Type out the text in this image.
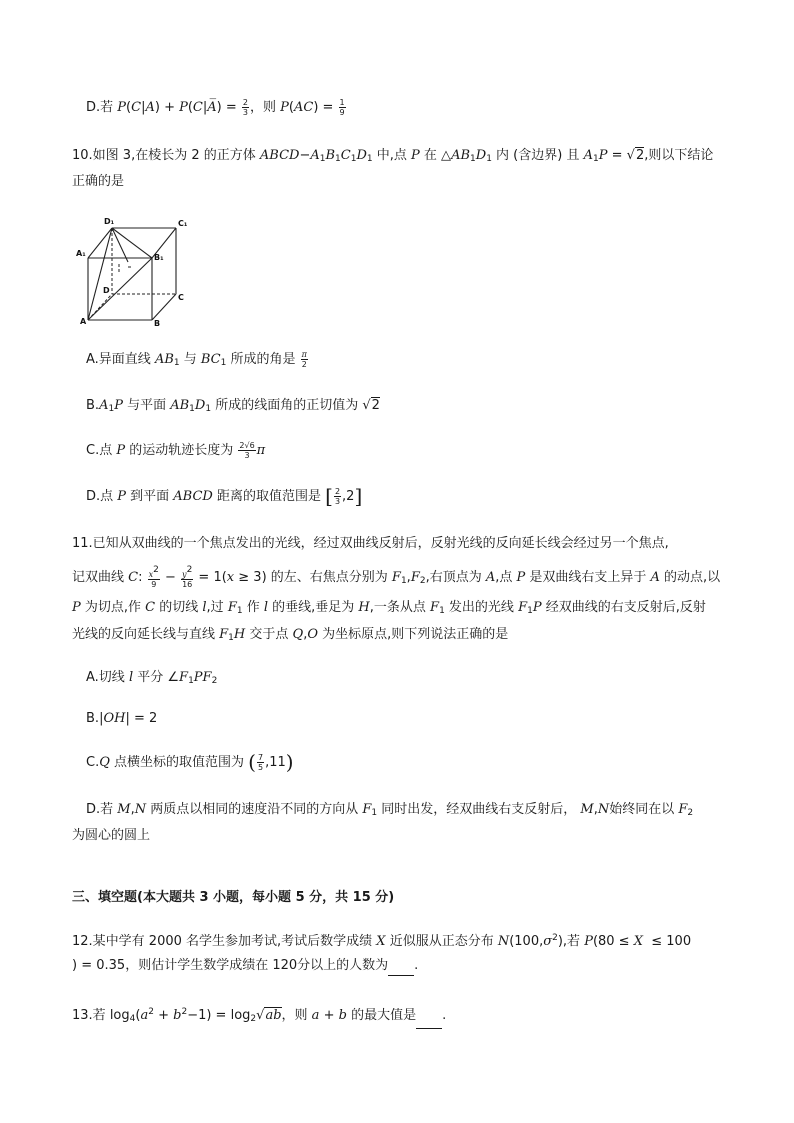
D.若 P(C|A) + P(C|A̅) = $\frac{2}{3}$ ，则 $P(AC) = \frac{1}{9}$
10.如图 3,在棱长为 2 的正方体 $ABCD-A_1B_1C_1D_1$ 中,点 P 在 $\triangle AB_1D_1$ 内 (含边界) 且 $A_1P = √2$,则以下结论
正确的是
D₁	C₁
A₁	B₁
D
C
A	B
A.异面直线 $AB_1$ 与 $BC_1$ 所成的角是 $\frac{\pi}{2}$
$B.A_1P$ 与平面 $AB_1D_1$ 所成的线面角的正切值为 √2
C.点 P 的运动轨迹长度为 $\frac{2√6}{3}$ π
D.点 P 到平面 ABCD 距离的取值范围是 [ $\frac{2}{3} ,2$]
11.已知从双曲线的一个焦点发出的光线，经过双曲线反射后，反射光线的反向延长线会经过另一个焦点,
记双曲线 C: $\frac{x^2}{9} - \frac{y^2}{16} = 1(x \ge 3)$ 的左、右焦点分别为 $F_1,F_2$,右顶点为 A,点 P 是双曲线右支上异于 A 的动点,以
P 为切点,作 C 的切线 l,过 $F_1$ 作 l 的垂线,垂足为 H,一条从点 $F_1$ 发出的光线 $F_1P$ 经双曲线的右支反射后,反射
光线的反向延长线与直线 $F_1H$ 交于点 Q,O 为坐标原点,则下列说法正确的是
A.切线 l 平分 $\angle F_1PF_2$
B.|OH| = 2
C.Q 点横坐标的取值范围为 ( $\frac{7}{5} ,11$)
D.若 M,N 两质点以相同的速度沿不同的方向从 $F_1$ 同时出发，经双曲线右支反射后， M,N始终同在以 $F_2$
为圆心的圆上
三、填空题(本大题共 3 小题，每小题 5 分，共 15 分)
12.某中学有 2000 名学生参加考试,考试后数学成绩 X 近似服从正态分布 $N(100,\sigma^2)$,若 P(80 ≤ X  ≤ 100
) = 0.35，则估计学生数学成绩在 120分以上的人数为 .
13.若 $\log_4(a^2 + b^2-1) = \log_2√ab$，则 a + b 的最大值是 .
